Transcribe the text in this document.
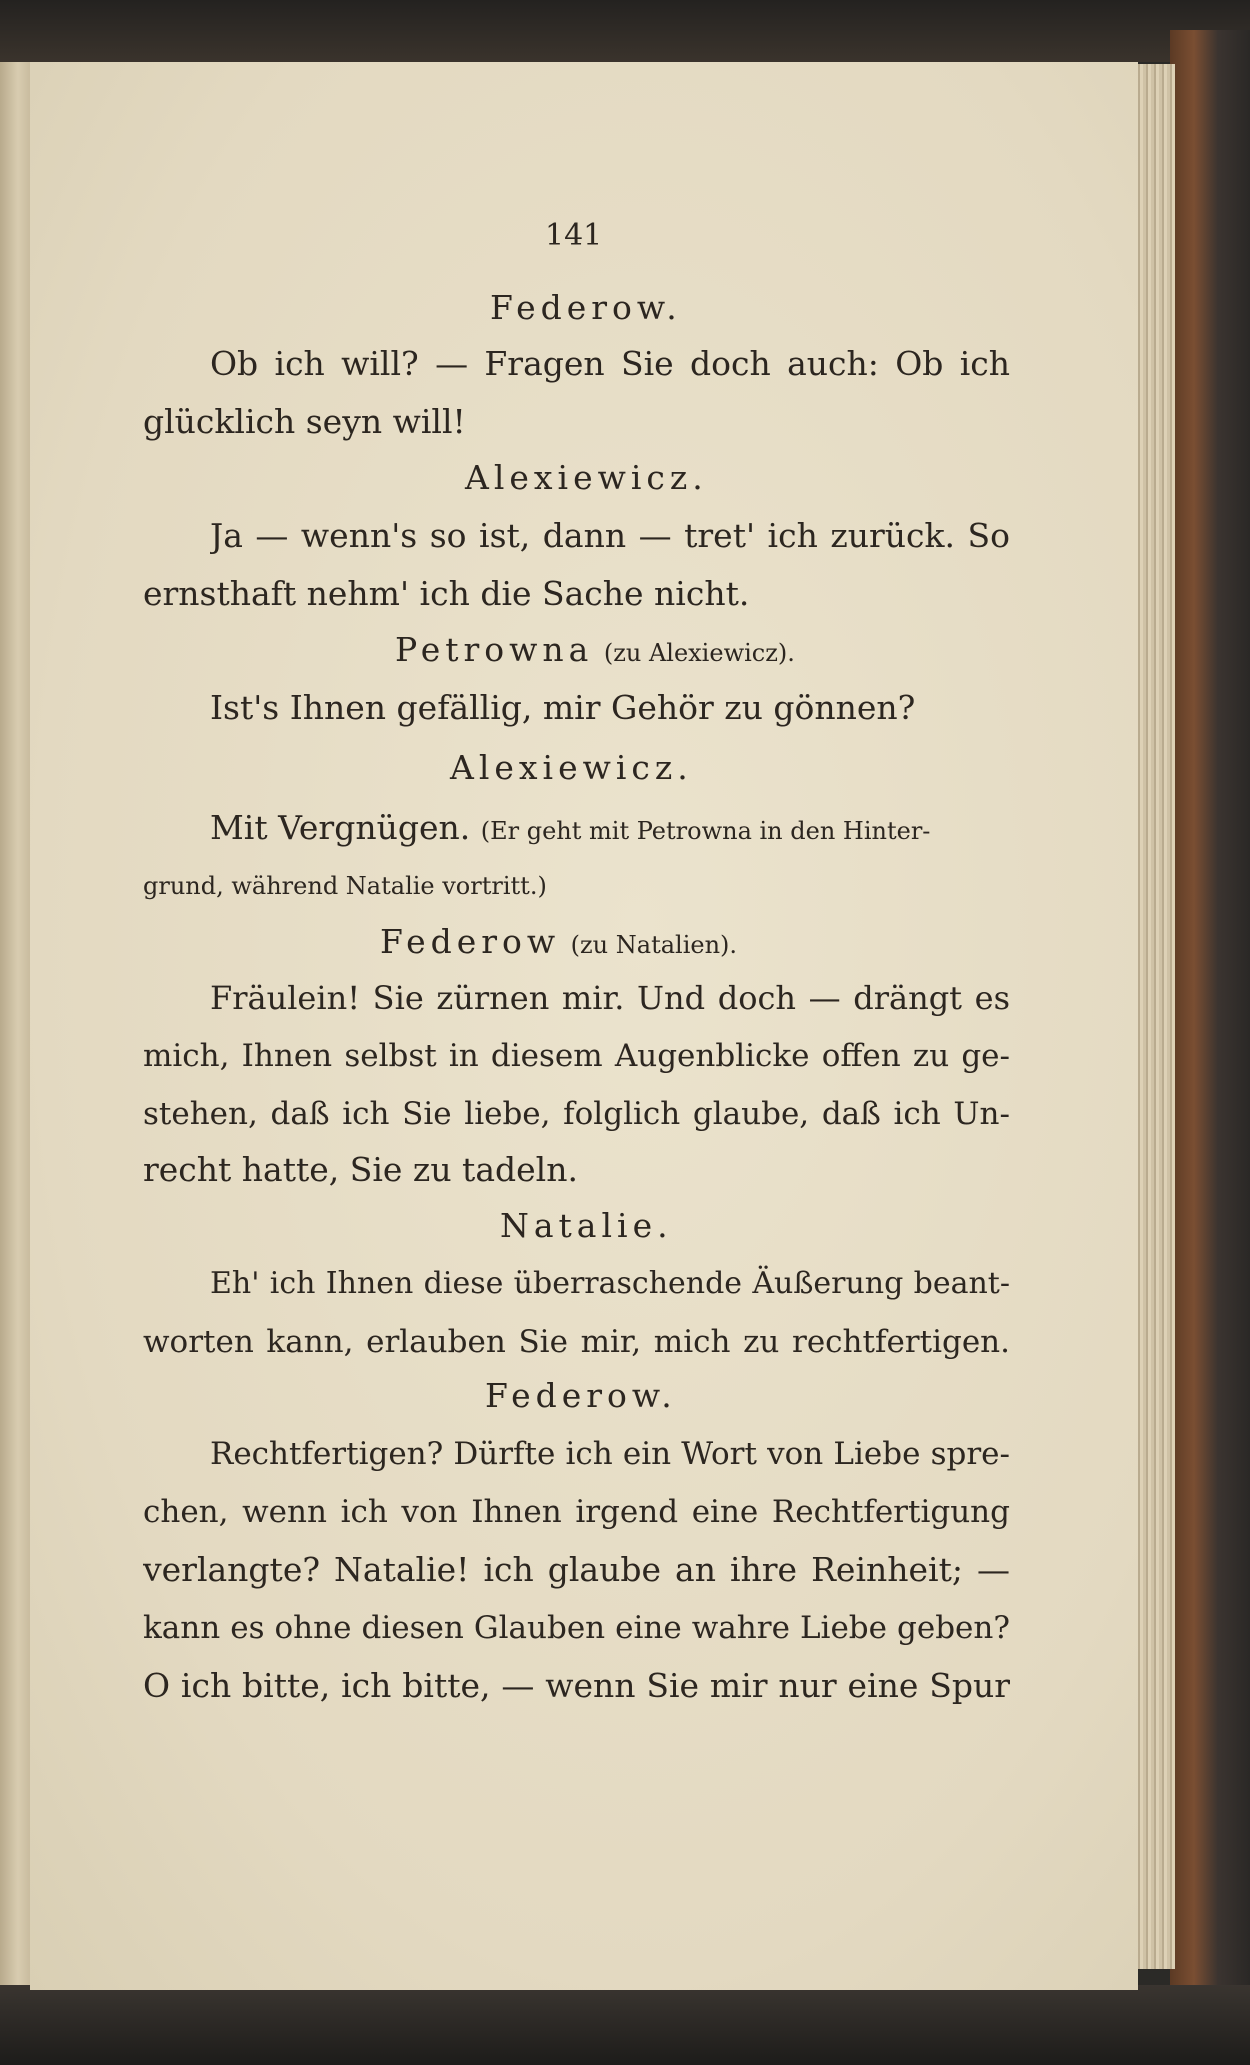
141
Federow.
Ob ich will? — Fragen Sie doch auch: Ob ich
glücklich seyn will!
Alexiewicz.
Ja — wenn's so ist, dann — tret' ich zurück. So
ernsthaft nehm' ich die Sache nicht.
Petrowna (zu Alexiewicz).
Ist's Ihnen gefällig, mir Gehör zu gönnen?
Alexiewicz.
Mit Vergnügen. (Er geht mit Petrowna in den Hinter-
grund, während Natalie vortritt.)
Federow (zu Natalien).
Fräulein! Sie zürnen mir. Und doch — drängt es
mich, Ihnen selbst in diesem Augenblicke offen zu ge-
stehen, daß ich Sie liebe, folglich glaube, daß ich Un-
recht hatte, Sie zu tadeln.
Natalie.
Eh' ich Ihnen diese überraschende Äußerung beant-
worten kann, erlauben Sie mir, mich zu rechtfertigen.
Federow.
Rechtfertigen? Dürfte ich ein Wort von Liebe spre-
chen, wenn ich von Ihnen irgend eine Rechtfertigung
verlangte? Natalie! ich glaube an ihre Reinheit; —
kann es ohne diesen Glauben eine wahre Liebe geben?
O ich bitte, ich bitte, — wenn Sie mir nur eine Spur
